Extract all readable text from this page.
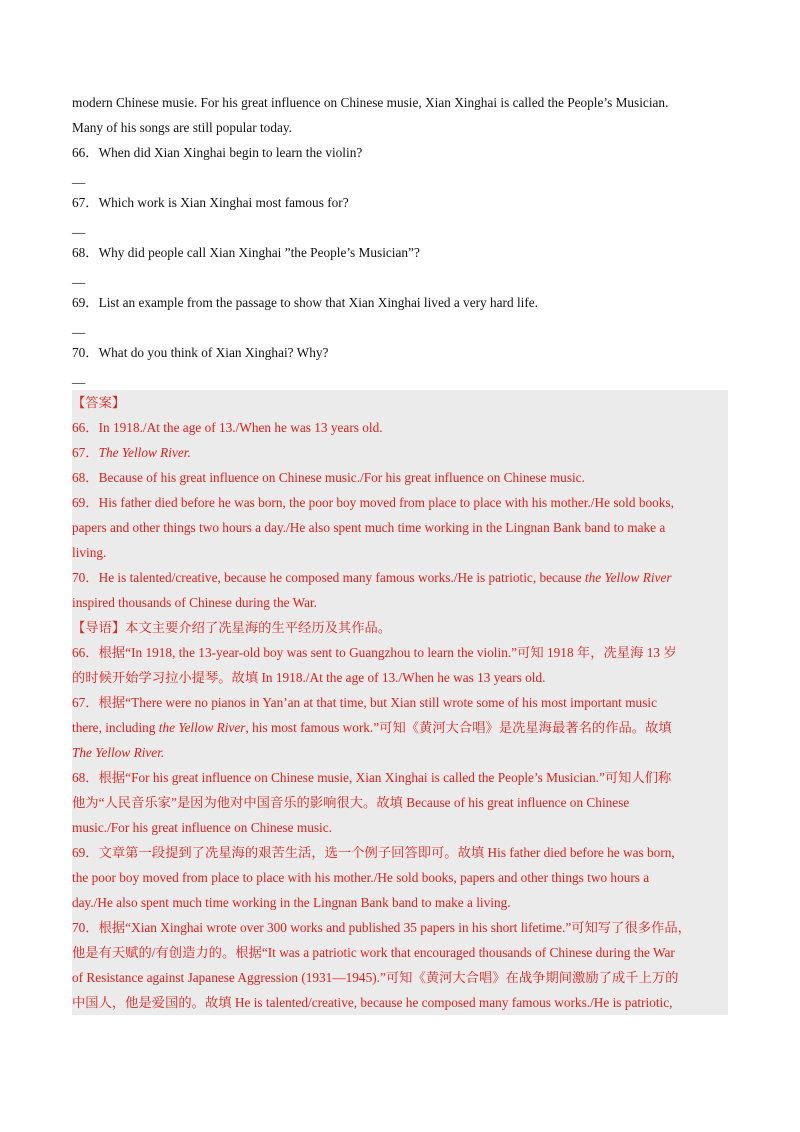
modern Chinese musie. For his great influence on Chinese musie, Xian Xinghai is called the People’s Musician.
Many of his songs are still popular today.
66．When did Xian Xinghai begin to learn the violin?
__
67．Which work is Xian Xinghai most famous for?
__
68．Why did people call Xian Xinghai ”the People’s Musician”?
__
69．List an example from the passage to show that Xian Xinghai lived a very hard life.
__
70．What do you think of Xian Xinghai? Why?
__
【答案】
66．In 1918./At the age of 13./When he was 13 years old.
67．The Yellow River.
68．Because of his great influence on Chinese music./For his great influence on Chinese music.
69．His father died before he was born, the poor boy moved from place to place with his mother./He sold books,
papers and other things two hours a day./He also spent much time working in the Lingnan Bank band to make a
living.
70．He is talented/creative, because he composed many famous works./He is patriotic, because the Yellow River
inspired thousands of Chinese during the War.
【导语】本文主要介绍了冼星海的生平经历及其作品。
66．根据“In 1918, the 13-year-old boy was sent to Guangzhou to learn the violin.”可知 1918 年，冼星海 13 岁
的时候开始学习拉小提琴。故填 In 1918./At the age of 13./When he was 13 years old.
67．根据“There were no pianos in Yan’an at that time, but Xian still wrote some of his most important music
there, including the Yellow River, his most famous work.”可知《黄河大合唱》是冼星海最著名的作品。故填
The Yellow River.
68．根据“For his great influence on Chinese musie, Xian Xinghai is called the People’s Musician.”可知人们称
他为“人民音乐家”是因为他对中国音乐的影响很大。故填 Because of his great influence on Chinese
music./For his great influence on Chinese music.
69．文章第一段提到了冼星海的艰苦生活，选一个例子回答即可。故填 His father died before he was born,
the poor boy moved from place to place with his mother./He sold books, papers and other things two hours a
day./He also spent much time working in the Lingnan Bank band to make a living.
70．根据“Xian Xinghai wrote over 300 works and published 35 papers in his short lifetime.”可知写了很多作品，
他是有天赋的/有创造力的。根据“It was a patriotic work that encouraged thousands of Chinese during the War
of Resistance against Japanese Aggression (1931—1945).”可知《黄河大合唱》在战争期间激励了成千上万的
中国人，他是爱国的。故填 He is talented/creative, because he composed many famous works./He is patriotic,
